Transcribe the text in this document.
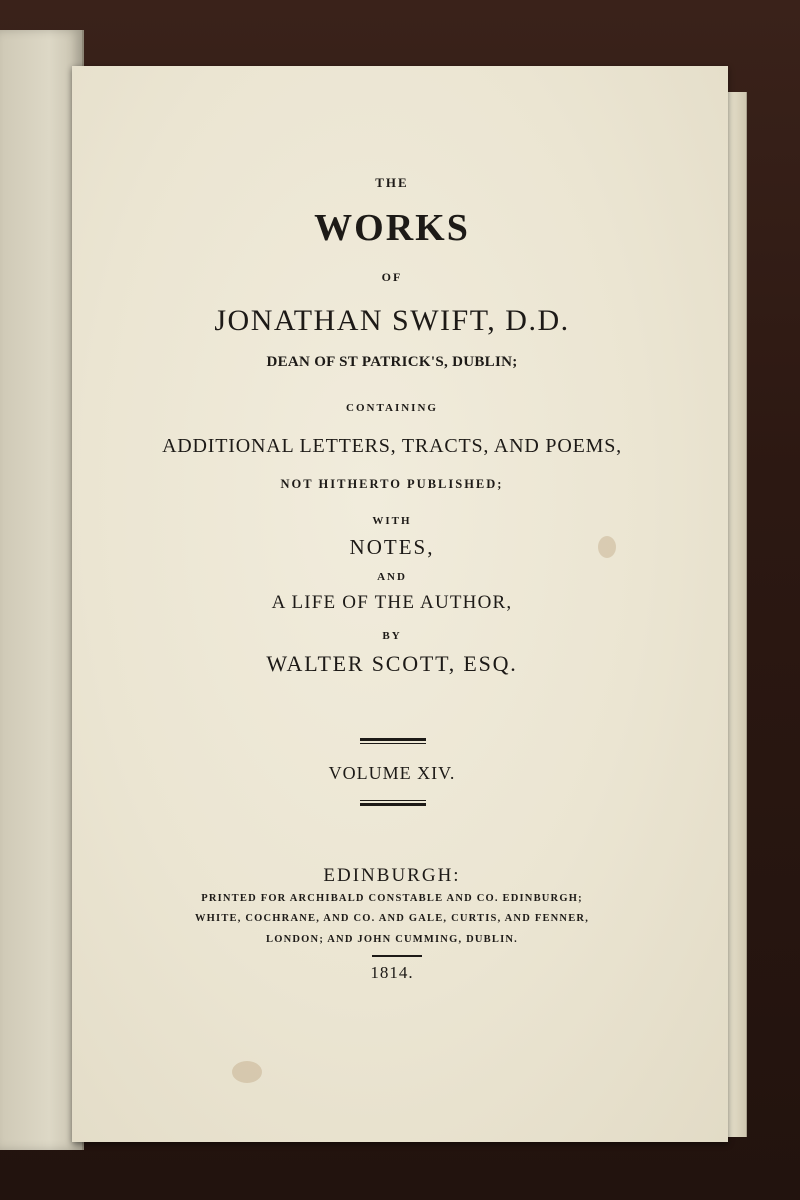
THE
WORKS
OF
JONATHAN SWIFT, D.D.
DEAN OF ST PATRICK'S, DUBLIN;
CONTAINING
ADDITIONAL LETTERS, TRACTS, AND POEMS,
NOT HITHERTO PUBLISHED;
WITH
NOTES,
AND
A LIFE OF THE AUTHOR,
BY
WALTER SCOTT, ESQ.
VOLUME XIV.
EDINBURGH:
PRINTED FOR ARCHIBALD CONSTABLE AND CO. EDINBURGH;
WHITE, COCHRANE, AND CO. AND GALE, CURTIS, AND FENNER,
LONDON; AND JOHN CUMMING, DUBLIN.
1814.
